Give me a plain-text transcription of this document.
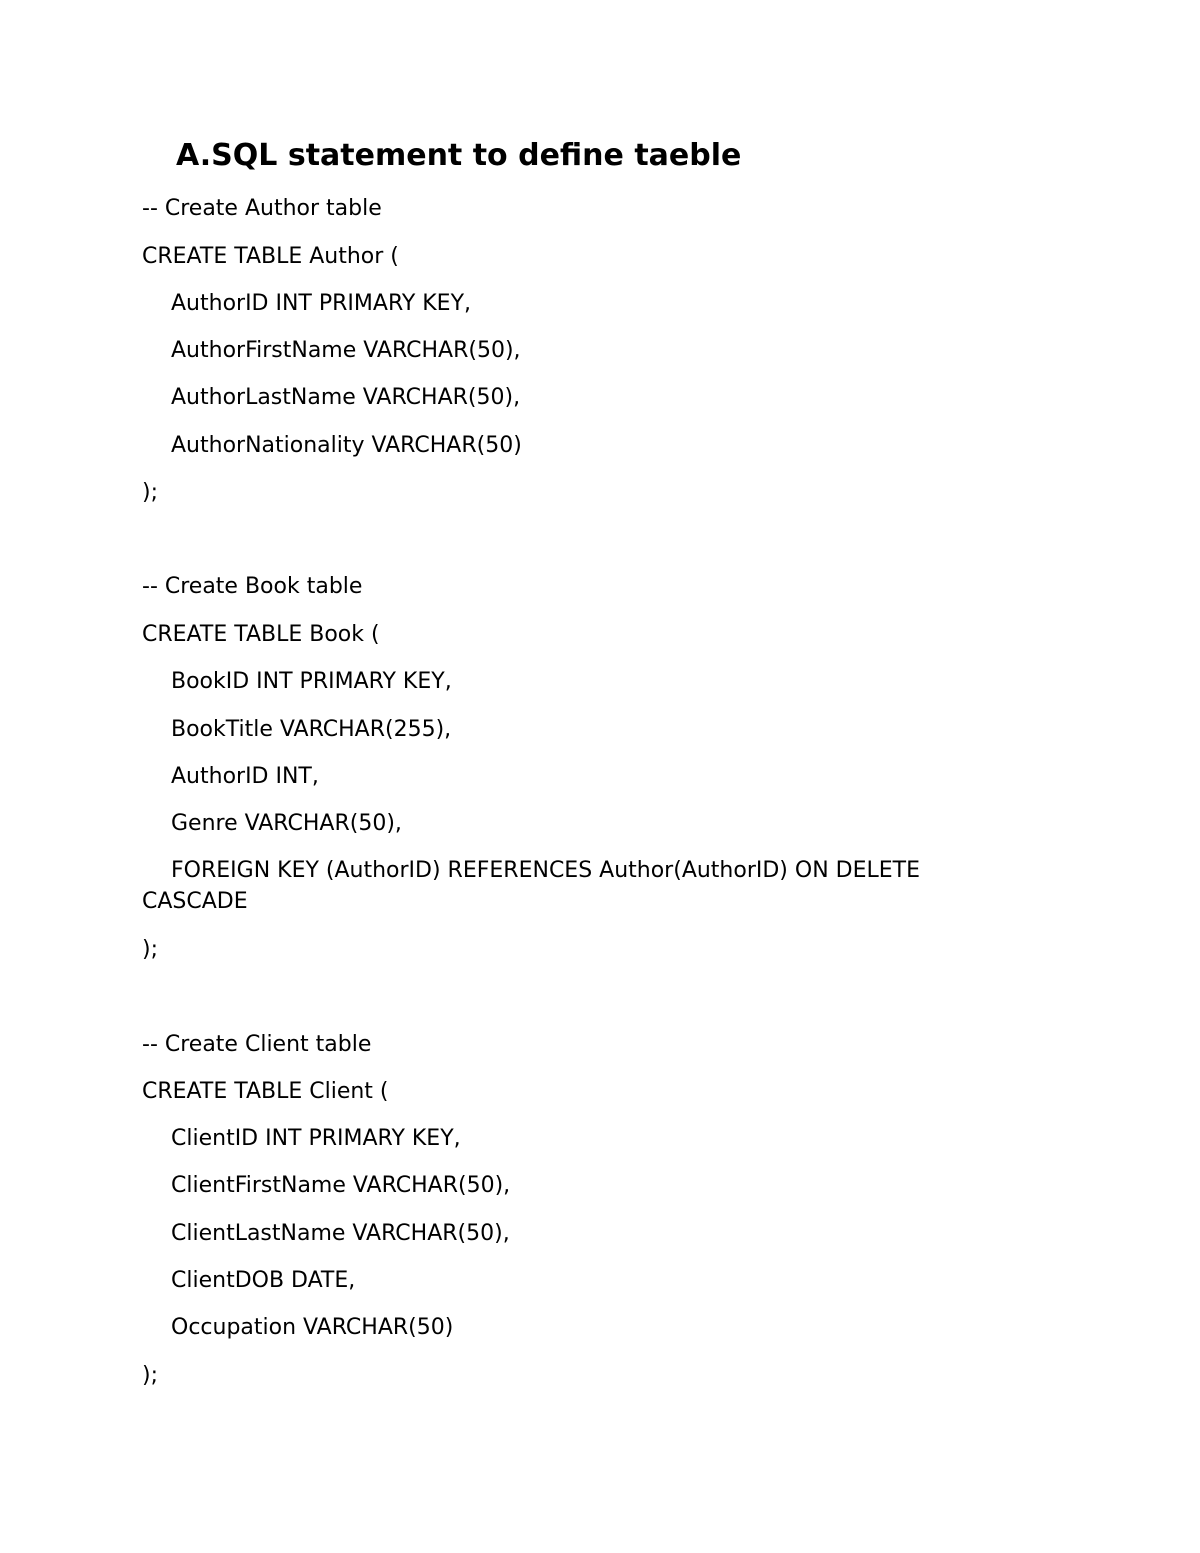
A.SQL statement to define taeble

-- Create Author table

CREATE TABLE Author (

AuthorID INT PRIMARY KEY,

AuthorFirstName VARCHAR(50),

AuthorLastName VARCHAR(50),

AuthorNationality VARCHAR(50)

);

-- Create Book table

CREATE TABLE Book (

BookID INT PRIMARY KEY,

BookTitle VARCHAR(255),

AuthorID INT,

Genre VARCHAR(50),

FOREIGN KEY (AuthorID) REFERENCES Author(AuthorID) ON DELETE

CASCADE

);

-- Create Client table

CREATE TABLE Client (

ClientID INT PRIMARY KEY,

ClientFirstName VARCHAR(50),

ClientLastName VARCHAR(50),

ClientDOB DATE,

Occupation VARCHAR(50)

);
